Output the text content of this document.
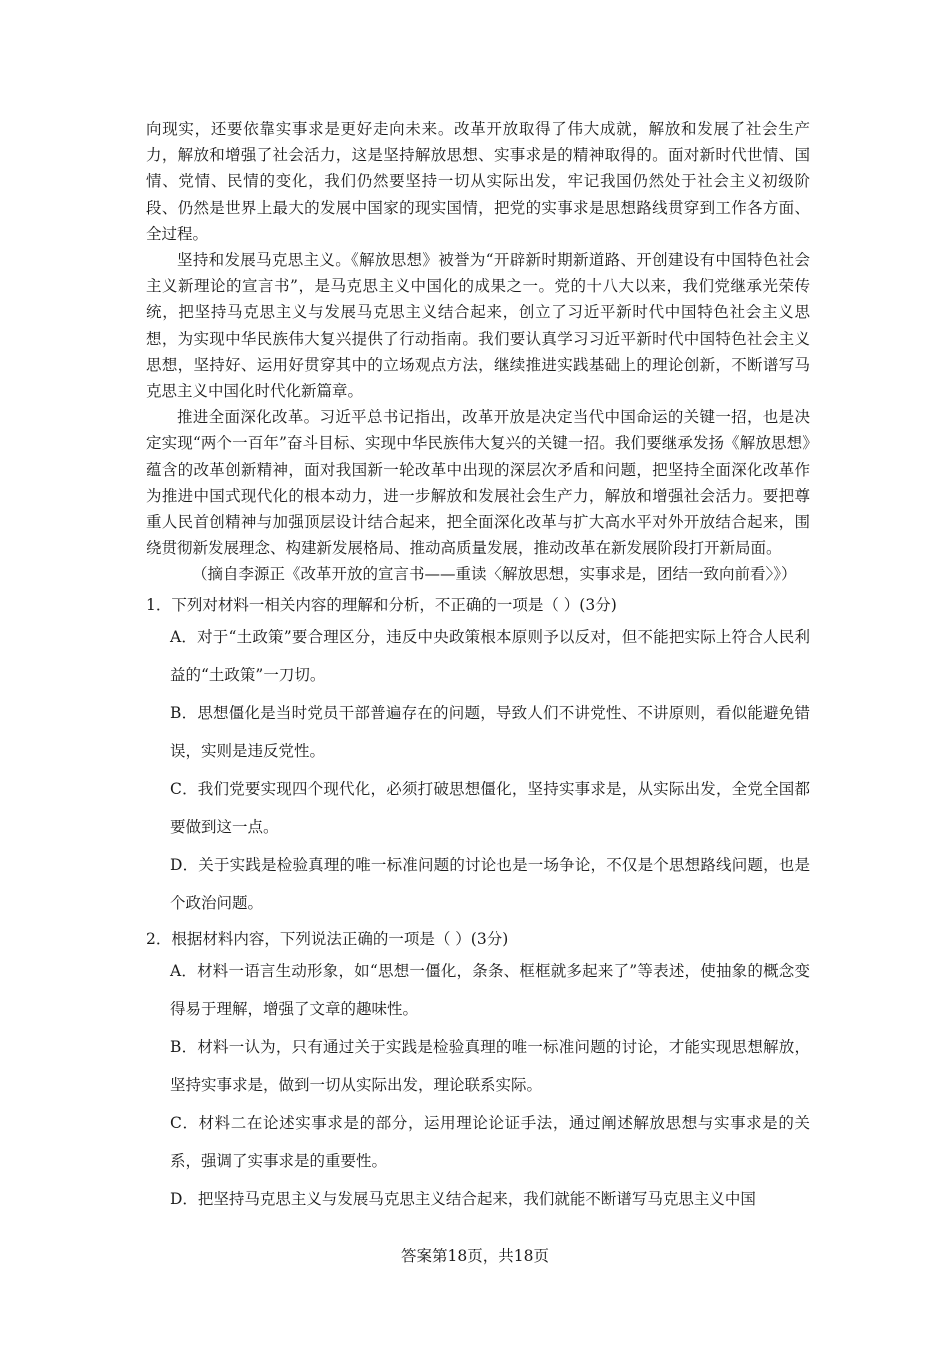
向现实，还要依靠实事求是更好走向未来。改革开放取得了伟大成就，解放和发展了社会生产力，解放和增强了社会活力，这是坚持解放思想、实事求是的精神取得的。面对新时代世情、国情、党情、民情的变化，我们仍然要坚持一切从实际出发，牢记我国仍然处于社会主义初级阶段、仍然是世界上最大的发展中国家的现实国情，把党的实事求是思想路线贯穿到工作各方面、全过程。

坚持和发展马克思主义。《解放思想》被誉为“开辟新时期新道路、开创建设有中国特色社会主义新理论的宣言书”，是马克思主义中国化的成果之一。党的十八大以来，我们党继承光荣传统，把坚持马克思主义与发展马克思主义结合起来，创立了习近平新时代中国特色社会主义思想，为实现中华民族伟大复兴提供了行动指南。我们要认真学习习近平新时代中国特色社会主义思想，坚持好、运用好贯穿其中的立场观点方法，继续推进实践基础上的理论创新，不断谱写马克思主义中国化时代化新篇章。

推进全面深化改革。习近平总书记指出，改革开放是决定当代中国命运的关键一招，也是决定实现“两个一百年”奋斗目标、实现中华民族伟大复兴的关键一招。我们要继承发扬《解放思想》蕴含的改革创新精神，面对我国新一轮改革中出现的深层次矛盾和问题，把坚持全面深化改革作为推进中国式现代化的根本动力，进一步解放和发展社会生产力，解放和增强社会活力。要把尊重人民首创精神与加强顶层设计结合起来，把全面深化改革与扩大高水平对外开放结合起来，围绕贯彻新发展理念、构建新发展格局、推动高质量发展，推动改革在新发展阶段打开新局面。

（摘自李源正《改革开放的宣言书——重读〈解放思想，实事求是，团结一致向前看〉》）

1．下列对材料一相关内容的理解和分析，不正确的一项是（ ）(3分)

A．对于“土政策”要合理区分，违反中央政策根本原则予以反对，但不能把实际上符合人民利益的“土政策”一刀切。

B．思想僵化是当时党员干部普遍存在的问题，导致人们不讲党性、不讲原则，看似能避免错误，实则是违反党性。

C．我们党要实现四个现代化，必须打破思想僵化，坚持实事求是，从实际出发，全党全国都要做到这一点。

D．关于实践是检验真理的唯一标准问题的讨论也是一场争论，不仅是个思想路线问题，也是个政治问题。

2．根据材料内容，下列说法正确的一项是（ ）(3分)

A．材料一语言生动形象，如“思想一僵化，条条、框框就多起来了”等表述，使抽象的概念变得易于理解，增强了文章的趣味性。

B．材料一认为，只有通过关于实践是检验真理的唯一标准问题的讨论，才能实现思想解放，坚持实事求是，做到一切从实际出发，理论联系实际。

C．材料二在论述实事求是的部分，运用理论论证手法，通过阐述解放思想与实事求是的关系，强调了实事求是的重要性。

D．把坚持马克思主义与发展马克思主义结合起来，我们就能不断谱写马克思主义中国

答案第18页，共18页
